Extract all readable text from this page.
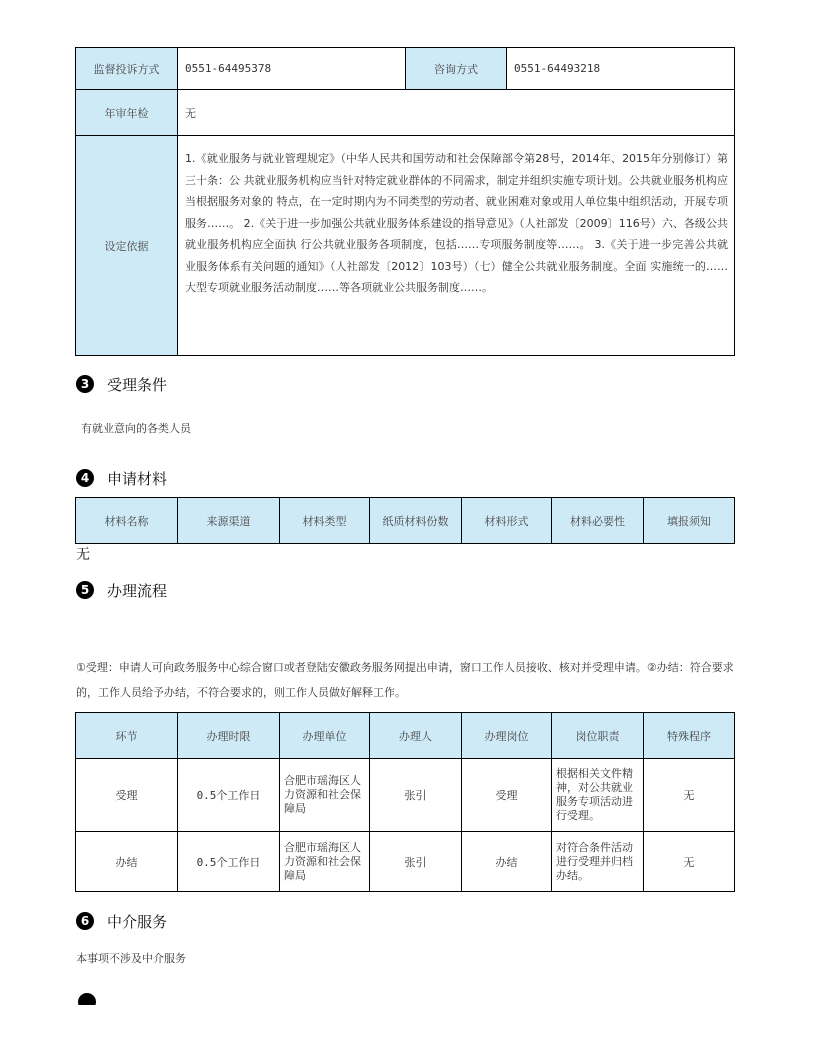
监督投诉方式	0551-64495378	咨询方式	0551-64493218
年审年检	无		
设定依据	1.《就业服务与就业管理规定》（中华人民共和国劳动和社会保障部令第28号，2014年、2015年分别修订）第三十条：公 共就业服务机构应当针对特定就业群体的不同需求，制定并组织实施专项计划。公共就业服务机构应当根据服务对象的 特点，在一定时期内为不同类型的劳动者、就业困难对象或用人单位集中组织活动，开展专项服务……。 2.《关于进一步加强公共就业服务体系建设的指导意见》（人社部发〔2009〕116号）六、各级公共就业服务机构应全面执 行公共就业服务各项制度，包括……专项服务制度等……。 3.《关于进一步完善公共就业服务体系有关问题的通知》（人社部发〔2012〕103号）（七）健全公共就业服务制度。全面 实施统一的……大型专项就业服务活动制度……等各项就业公共服务制度……。		
3	受理条件
有就业意向的各类人员
4	申请材料
材料名称	来源渠道	材料类型	纸质材料份数	材料形式	材料必要性	填报须知
无
5	办理流程
①受理：申请人可向政务服务中心综合窗口或者登陆安徽政务服务网提出申请，窗口工作人员接收、核对并受理申请。②办结：符合要求的，工作人员给予办结，不符合要求的，则工作人员做好解释工作。
环节	办理时限	办理单位	办理人	办理岗位	岗位职责	特殊程序
受理	0.5个工作日	合肥市瑶海区人力资源和社会保障局	张引	受理	根据相关文件精神，对公共就业服务专项活动进行受理。	无
办结	0.5个工作日	合肥市瑶海区人力资源和社会保障局	张引	办结	对符合条件活动进行受理并归档办结。	无
6	中介服务
本事项不涉及中介服务
